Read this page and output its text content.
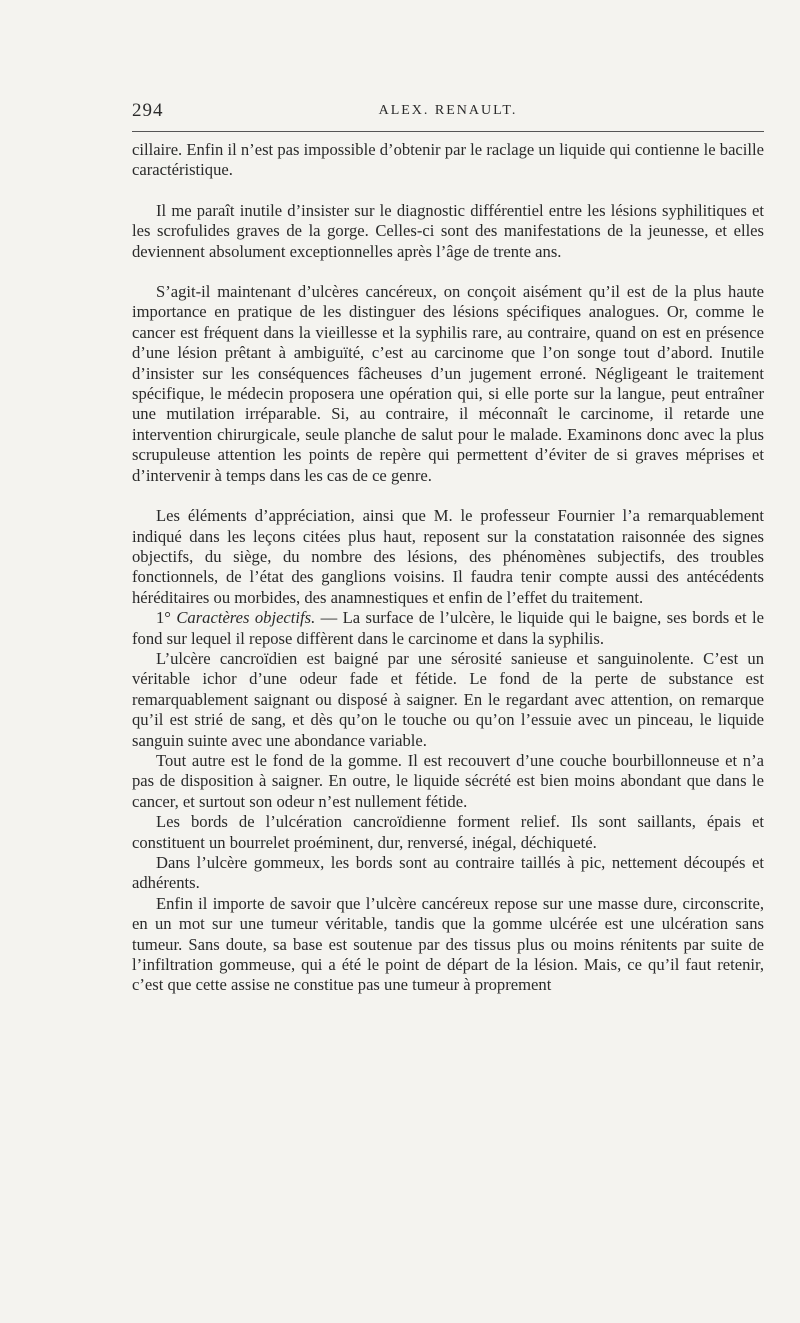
294	ALEX. RENAULT.

cillaire. Enfin il n’est pas impossible d’obtenir par le raclage un liquide qui contienne le bacille caractéristique.

Il me paraît inutile d’insister sur le diagnostic différentiel entre les lésions syphilitiques et les scrofulides graves de la gorge. Celles-ci sont des manifestations de la jeunesse, et elles deviennent absolument exceptionnelles après l’âge de trente ans.

S’agit-il maintenant d’ulcères cancéreux, on conçoit aisément qu’il est de la plus haute importance en pratique de les distinguer des lésions spécifiques analogues. Or, comme le cancer est fréquent dans la vieillesse et la syphilis rare, au contraire, quand on est en présence d’une lésion prêtant à ambiguïté, c’est au carcinome que l’on songe tout d’abord. Inutile d’insister sur les conséquences fâcheuses d’un jugement erroné. Négligeant le traitement spécifique, le médecin proposera une opération qui, si elle porte sur la langue, peut entraîner une mutilation irréparable. Si, au contraire, il méconnaît le carcinome, il retarde une intervention chirurgicale, seule planche de salut pour le malade. Examinons donc avec la plus scrupuleuse attention les points de repère qui permettent d’éviter de si graves méprises et d’intervenir à temps dans les cas de ce genre.

Les éléments d’appréciation, ainsi que M. le professeur Fournier l’a remarquablement indiqué dans les leçons citées plus haut, reposent sur la constatation raisonnée des signes objectifs, du siège, du nombre des lésions, des phénomènes subjectifs, des troubles fonctionnels, de l’état des ganglions voisins. Il faudra tenir compte aussi des antécédents héréditaires ou morbides, des anamnestiques et enfin de l’effet du traitement.

1° Caractères objectifs. — La surface de l’ulcère, le liquide qui le baigne, ses bords et le fond sur lequel il repose diffèrent dans le carcinome et dans la syphilis.

L’ulcère cancroïdien est baigné par une sérosité sanieuse et sanguinolente. C’est un véritable ichor d’une odeur fade et fétide. Le fond de la perte de substance est remarquablement saignant ou disposé à saigner. En le regardant avec attention, on remarque qu’il est strié de sang, et dès qu’on le touche ou qu’on l’essuie avec un pinceau, le liquide sanguin suinte avec une abondance variable.

Tout autre est le fond de la gomme. Il est recouvert d’une couche bourbillonneuse et n’a pas de disposition à saigner. En outre, le liquide sécrété est bien moins abondant que dans le cancer, et surtout son odeur n’est nullement fétide.

Les bords de l’ulcération cancroïdienne forment relief. Ils sont saillants, épais et constituent un bourrelet proéminent, dur, renversé, inégal, déchiqueté.

Dans l’ulcère gommeux, les bords sont au contraire taillés à pic, nettement découpés et adhérents.

Enfin il importe de savoir que l’ulcère cancéreux repose sur une masse dure, circonscrite, en un mot sur une tumeur véritable, tandis que la gomme ulcérée est une ulcération sans tumeur. Sans doute, sa base est soutenue par des tissus plus ou moins rénitents par suite de l’infiltration gommeuse, qui a été le point de départ de la lésion. Mais, ce qu’il faut retenir, c’est que cette assise ne constitue pas une tumeur à proprement
